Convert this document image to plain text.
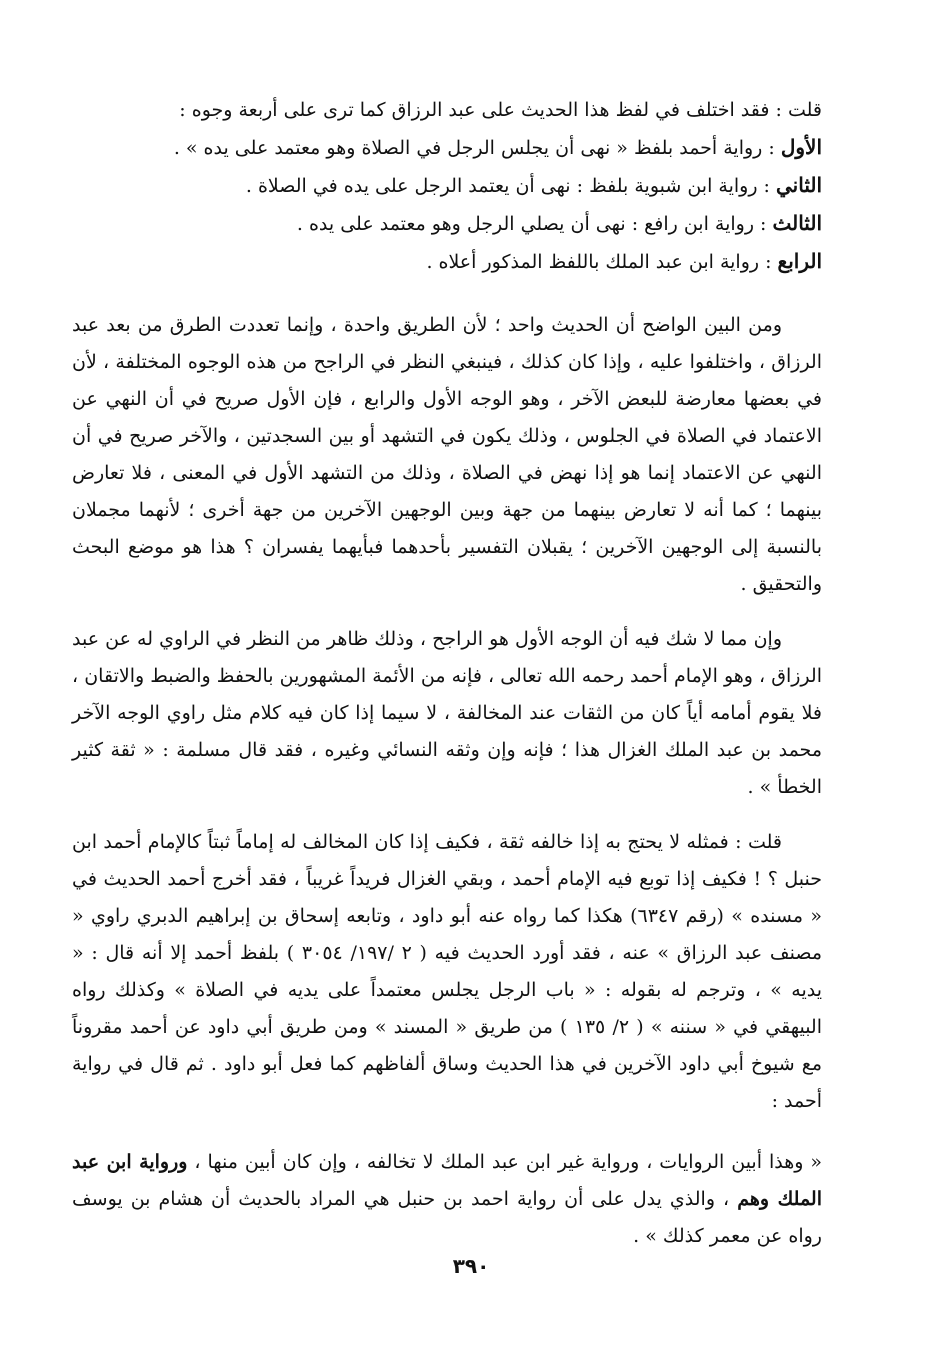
قلت : فقد اختلف في لفظ هذا الحديث على عبد الرزاق كما ترى على أربعة وجوه :
الأول : رواية أحمد بلفظ « نهى أن يجلس الرجل في الصلاة وهو معتمد على يده » .
الثاني : رواية ابن شبوية بلفظ : نهى أن يعتمد الرجل على يده في الصلاة .
الثالث : رواية ابن رافع : نهى أن يصلي الرجل وهو معتمد على يده .
الرابع : رواية ابن عبد الملك باللفظ المذكور أعلاه .

ومن البين الواضح أن الحديث واحد ؛ لأن الطريق واحدة ، وإنما تعددت الطرق من بعد عبد الرزاق ، واختلفوا عليه ، وإذا كان كذلك ، فينبغي النظر في الراجح من هذه الوجوه المختلفة ، لأن في بعضها معارضة للبعض الآخر ، وهو الوجه الأول والرابع ، فإن الأول صريح في أن النهي عن الاعتماد في الصلاة في الجلوس ، وذلك يكون في التشهد أو بين السجدتين ، والآخر صريح في أن النهي عن الاعتماد إنما هو إذا نهض في الصلاة ، وذلك من التشهد الأول في المعنى ، فلا تعارض بينهما ؛ كما أنه لا تعارض بينهما من جهة وبين الوجهين الآخرين من جهة أخرى ؛ لأنهما مجملان بالنسبة إلى الوجهين الآخرين ؛ يقبلان التفسير بأحدهما فبأيهما يفسران ؟ هذا هو موضع البحث والتحقيق .

وإن مما لا شك فيه أن الوجه الأول هو الراجح ، وذلك ظاهر من النظر في الراوي له عن عبد الرزاق ، وهو الإمام أحمد رحمه الله تعالى ، فإنه من الأئمة المشهورين بالحفظ والضبط والاتقان ، فلا يقوم أمامه أياً كان من الثقات عند المخالفة ، لا سيما إذا كان فيه كلام مثل راوي الوجه الآخر محمد بن عبد الملك الغزال هذا ؛ فإنه وإن وثقه النسائي وغيره ، فقد قال مسلمة : « ثقة كثير الخطأ » .

قلت : فمثله لا يحتج به إذا خالفه ثقة ، فكيف إذا كان المخالف له إماماً ثبتاً كالإمام أحمد ابن حنبل ؟ ! فكيف إذا توبع فيه الإمام أحمد ، وبقي الغزال فريداً غريباً ، فقد أخرج أحمد الحديث في « مسنده » (رقم ٦٣٤٧) هكذا كما رواه عنه أبو داود ، وتابعه إسحاق بن إبراهيم الدبري راوي « مصنف عبد الرزاق » عنه ، فقد أورد الحديث فيه ( ٢ /١٩٧/ ٣٠٥٤ ) بلفظ أحمد إلا أنه قال : « يديه » ، وترجم له بقوله : « باب الرجل يجلس معتمداً على يديه في الصلاة » وكذلك رواه البيهقي في « سننه » ( ٢/ ١٣٥ ) من طريق « المسند » ومن طريق أبي داود عن أحمد مقروناً مع شيوخ أبي داود الآخرين في هذا الحديث وساق ألفاظهم كما فعل أبو داود . ثم قال في رواية أحمد :

« وهذا أبين الروايات ، ورواية غير ابن عبد الملك لا تخالفه ، وإن كان أبين منها ، ورواية ابن عبد الملك وهم ، والذي يدل على أن رواية احمد بن حنبل هي المراد بالحديث أن هشام بن يوسف رواه عن معمر كذلك » .

٣٩٠
